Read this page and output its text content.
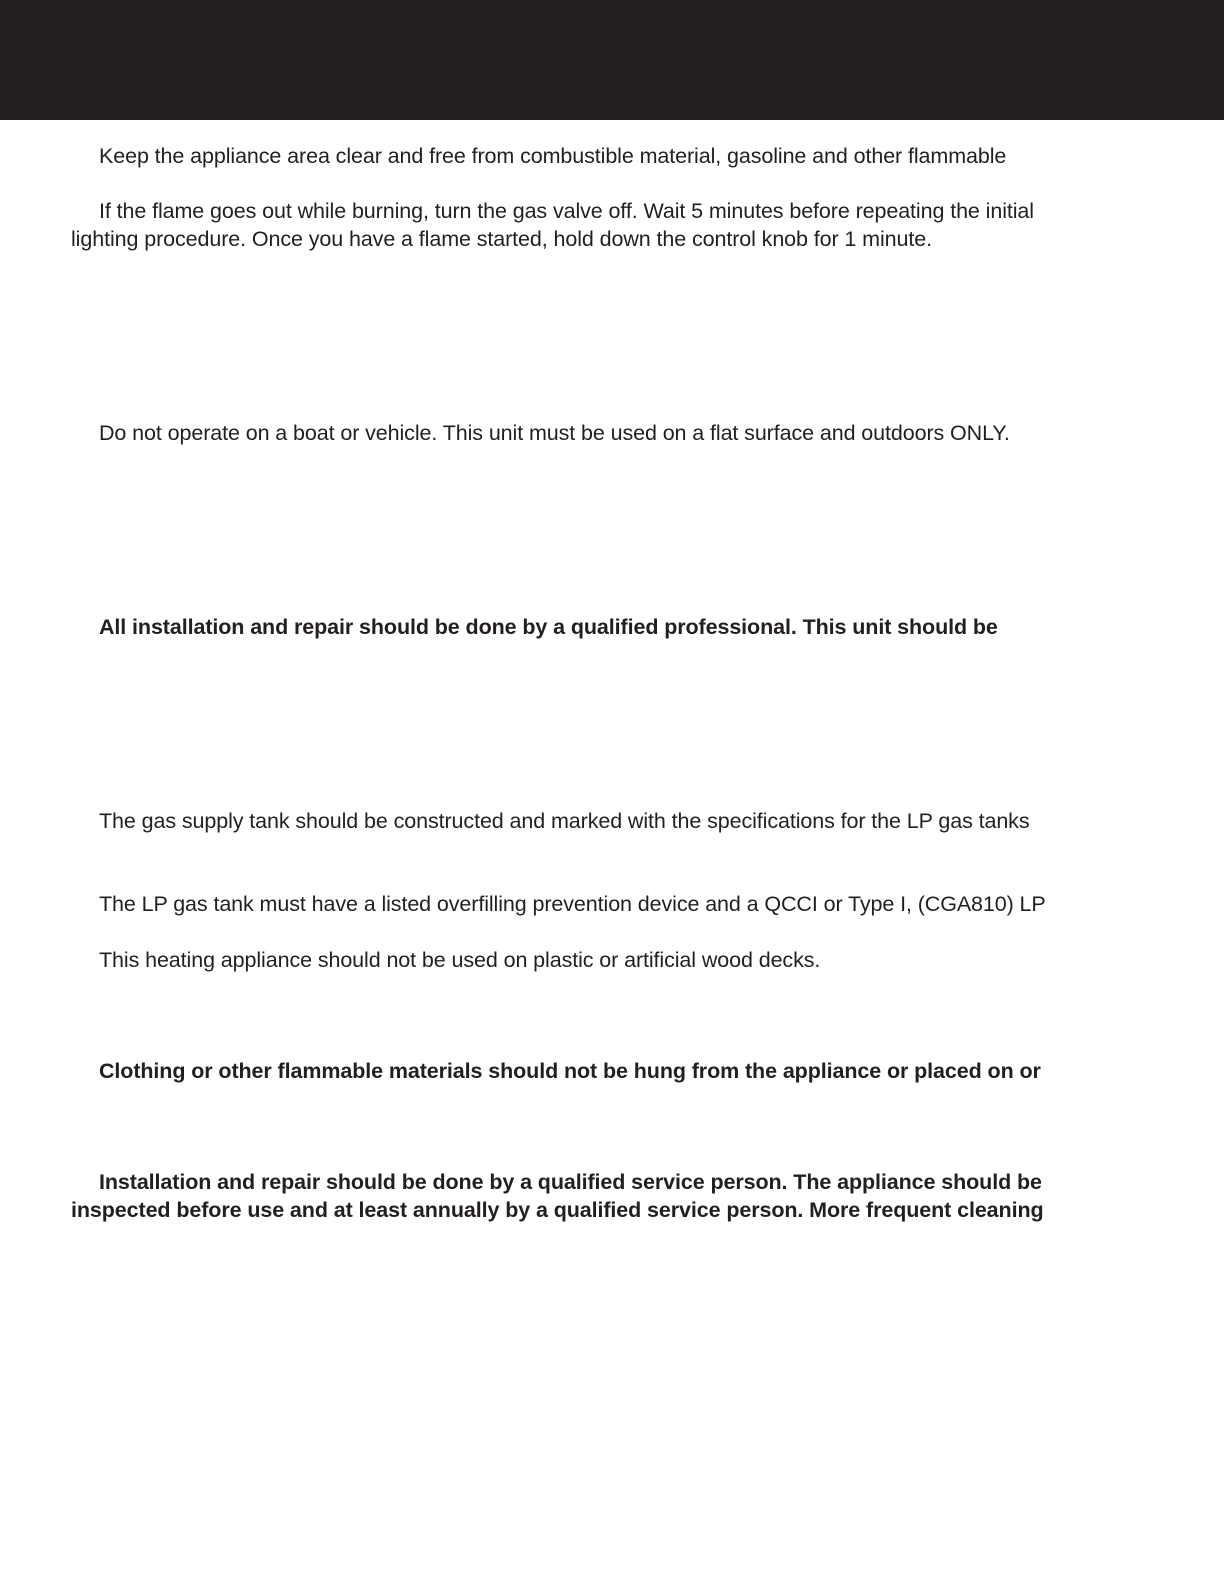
Keep the appliance area clear and free from combustible material, gasoline and other flammable
If the flame goes out while burning, turn the gas valve off. Wait 5 minutes before repeating the initial
lighting procedure. Once you have a flame started, hold down the control knob for 1 minute.
Do not operate on a boat or vehicle. This unit must be used on a flat surface and outdoors ONLY.
All installation and repair should be done by a qualified professional. This unit should be
The gas supply tank should be constructed and marked with the specifications for the LP gas tanks
The LP gas tank must have a listed overfilling prevention device and a QCCI or Type I, (CGA810) LP
This heating appliance should not be used on plastic or artificial wood decks.
Clothing or other flammable materials should not be hung from the appliance or placed on or
Installation and repair should be done by a qualified service person. The appliance should be
inspected before use and at least annually by a qualified service person. More frequent cleaning
